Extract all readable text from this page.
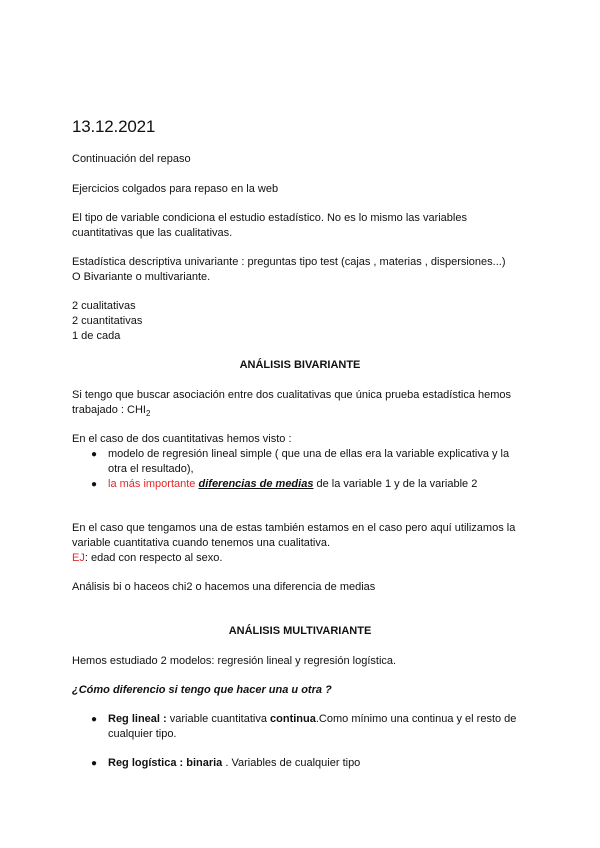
13.12.2021
Continuación del repaso
Ejercicios colgados para repaso en la web
El tipo de variable condiciona el estudio estadístico. No es lo mismo las variables
cuantitativas que las cualitativas.
Estadística descriptiva univariante : preguntas tipo test (cajas , materias , dispersiones...)
O Bivariante o multivariante.
2 cualitativas
2 cuantitativas
1 de cada
ANÁLISIS BIVARIANTE
Si tengo que buscar asociación entre dos cualitativas que única prueba estadística hemos
trabajado : $CHI_2$
En el caso de dos cuantitativas hemos visto :
● modelo de regresión lineal simple ( que una de ellas era la variable explicativa y la
otra el resultado),
● la más importante diferencias de medias de la variable 1 y de la variable 2
En el caso que tengamos una de estas también estamos en el caso pero aquí utilizamos la
variable cuantitativa cuando tenemos una cualitativa.
EJ: edad con respecto al sexo.
Análisis bi o haceos chi2 o hacemos una diferencia de medias
ANÁLISIS MULTIVARIANTE
Hemos estudiado 2 modelos: regresión lineal y regresión logística.
¿Cómo diferencio si tengo que hacer una u otra ?
● Reg lineal : variable cuantitativa continua.Como mínimo una continua y el resto de
cualquier tipo.
● Reg logística : binaria . Variables de cualquier tipo
